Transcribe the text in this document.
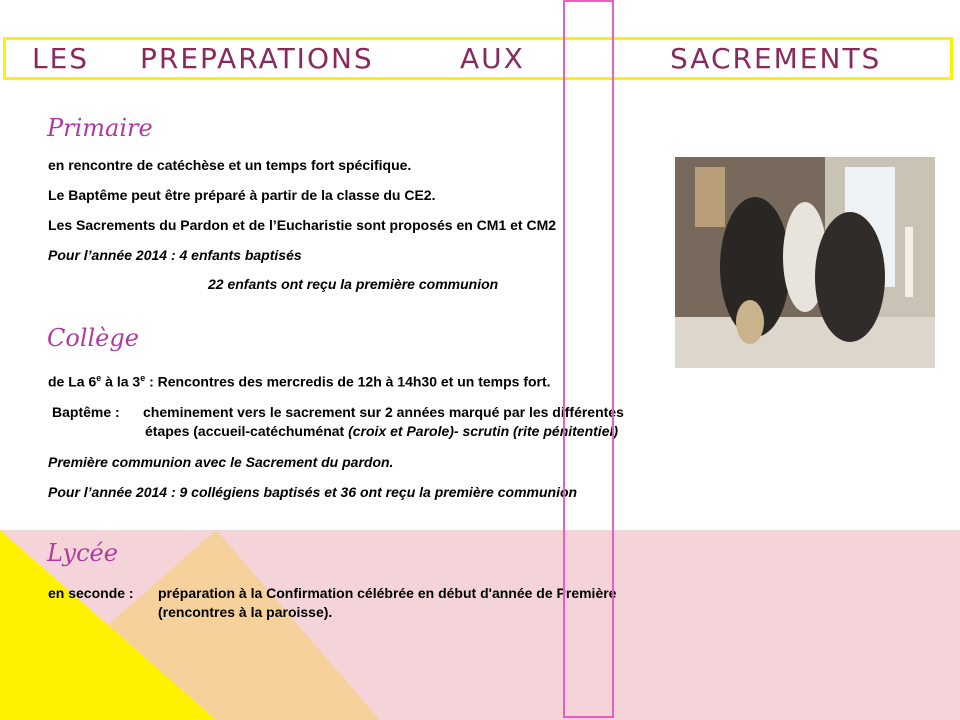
LES PREPARATIONS	AUX	SACREMENTS
Primaire
en rencontre de catéchèse et un temps fort spécifique.
Le Baptême peut être préparé à partir de la classe du CE2.
Les Sacrements du Pardon et de l’Eucharistie sont proposés en CM1 et CM2
Pour l’année 2014 : 4 enfants baptisés
22 enfants ont reçu la première communion
Collège
de La 6e à la 3e : Rencontres des mercredis de 12h à 14h30 et un temps fort.
Baptême : cheminement vers le sacrement sur 2 années marqué par les différentes
étapes (accueil-catéchuménat (croix et Parole)- scrutin (rite pénitentiel)
Première communion avec le Sacrement du pardon.
Pour l’année 2014 : 9 collégiens baptisés et 36 ont reçu la première communion
Lycée
en seconde : préparation à la Confirmation célébrée en début d'année de Première
(rencontres à la paroisse).
